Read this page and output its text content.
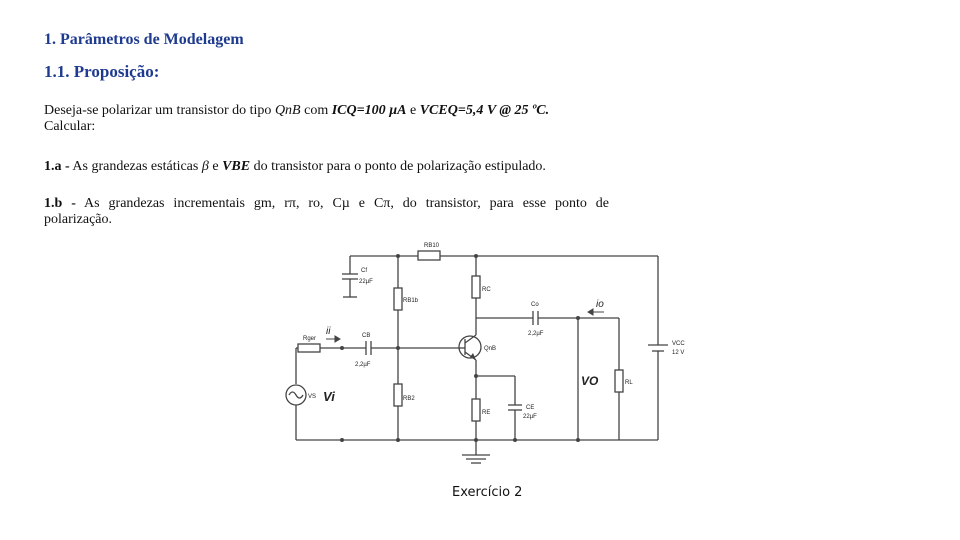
1. Parâmetros de Modelagem
1.1. Proposição:
Deseja-se polarizar um transistor do tipo QnB com ICQ=100 µA e VCEQ=5,4 V @ 25 ºC.
Calcular:
1.a - As grandezas estáticas β e VBE do transistor para o ponto de polarização estipulado.
1.b - As grandezas incrementais gm, rπ, ro, Cµ e Cπ, do transistor, para esse ponto de
polarização.
RB10
Cf
22µF
RB1b
RC
Co
2,2µF
io
ii
Rger	CB
2,2µF
QnB
VCC
12 V
VO	RL
VS Vi	RB2
RE
CE
22µF
Exercício 2
